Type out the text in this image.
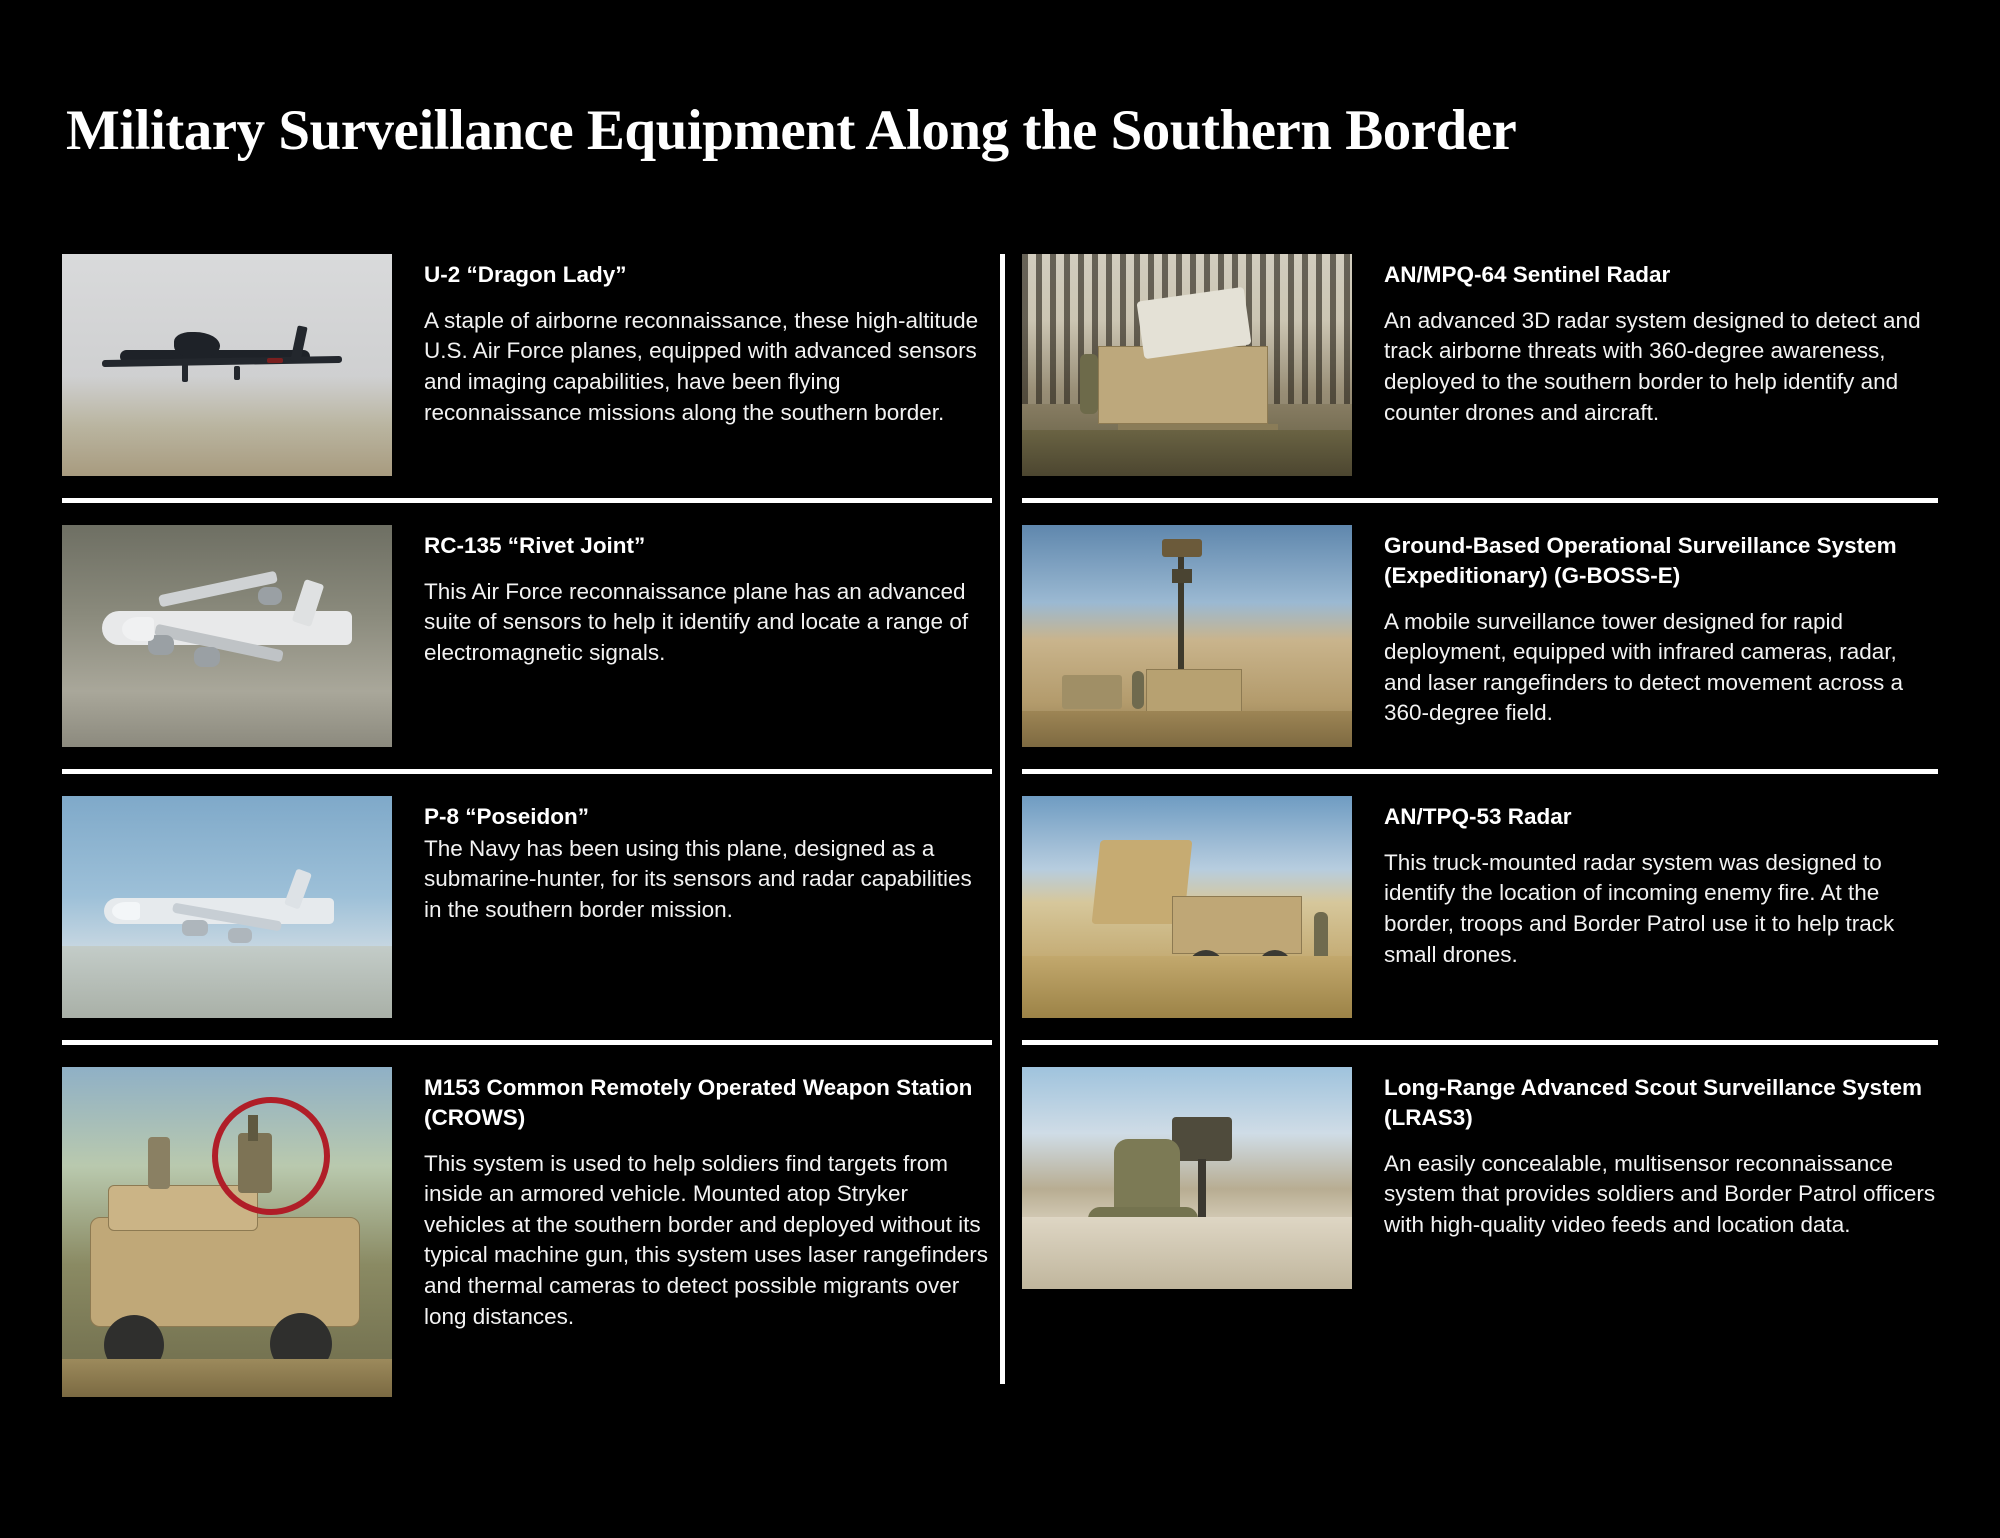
Military Surveillance Equipment Along the Southern Border
U-2 “Dragon Lady”

A staple of airborne reconnaissance, these high-altitude U.S. Air Force planes, equipped with advanced sensors and imaging capabilities, have been flying reconnaissance missions along the southern border.

RC-135 “Rivet Joint”

This Air Force reconnaissance plane has an advanced suite of sensors to help it identify and locate a range of electromagnetic signals.

P-8 “Poseidon”

The Navy has been using this plane, designed as a submarine-hunter, for its sensors and radar capabilities in the southern border mission.

M153 Common Remotely Operated Weapon Station (CROWS)

This system is used to help soldiers find targets from inside an armored vehicle. Mounted atop Stryker vehicles at the southern border and deployed without its typical machine gun, this system uses laser rangefinders and thermal cameras to detect possible migrants over long distances.

AN/MPQ-64 Sentinel Radar

An advanced 3D radar system designed to detect and track airborne threats with 360-degree awareness, deployed to the southern border to help identify and counter drones and aircraft.

Ground-Based Operational Surveillance System (Expeditionary) (G-BOSS-E)

A mobile surveillance tower designed for rapid deployment, equipped with infrared cameras, radar, and laser rangefinders to detect movement across a 360-degree field.

AN/TPQ-53 Radar

This truck-mounted radar system was designed to identify the location of incoming enemy fire. At the border, troops and Border Patrol use it to help track small drones.

Long-Range Advanced Scout Surveillance System (LRAS3)

An easily concealable, multisensor reconnaissance system that provides soldiers and Border Patrol officers with high-quality video feeds and location data.
